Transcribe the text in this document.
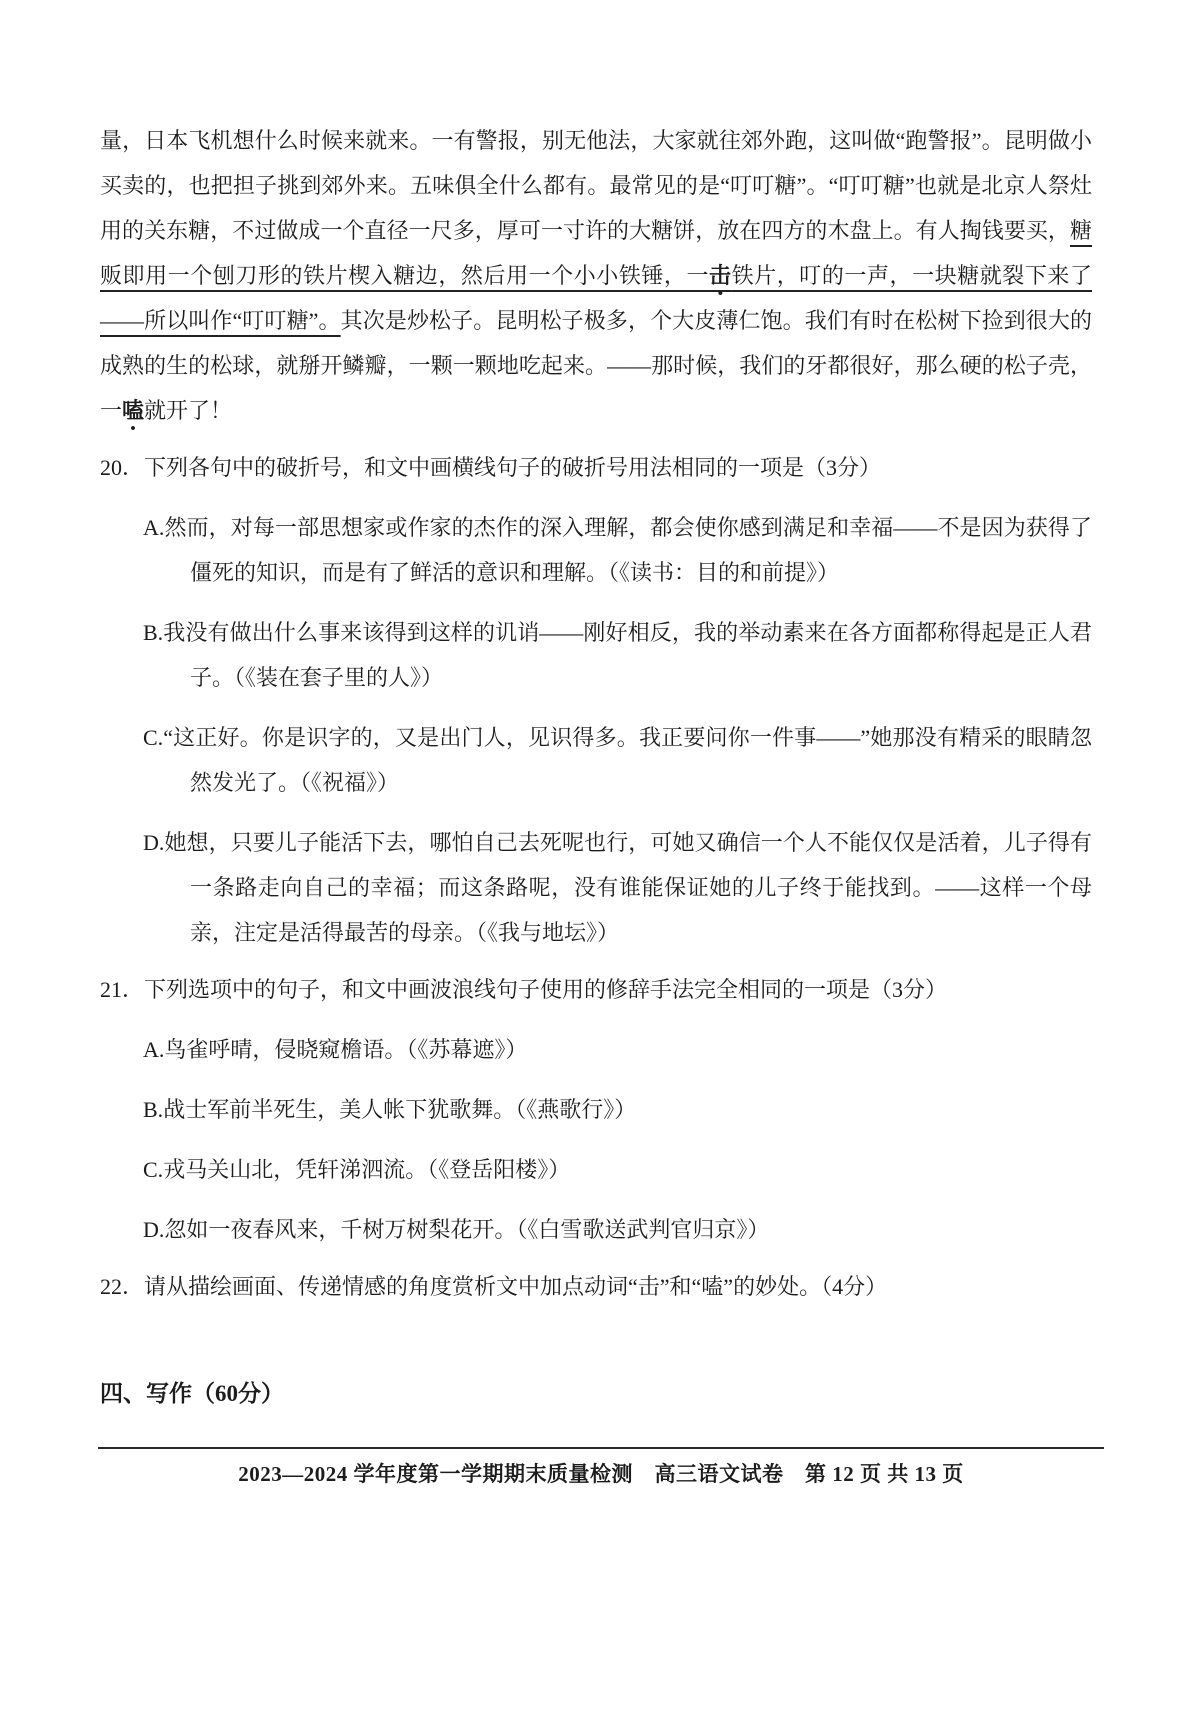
量，日本飞机想什么时候来就来。一有警报，别无他法，大家就往郊外跑，这叫做“跑警报”。昆明做小买卖的，也把担子挑到郊外来。五味俱全什么都有。最常见的是“叮叮糖”。“叮叮糖”也就是北京人祭灶用的关东糖，不过做成一个直径一尺多，厚可一寸许的大糖饼，放在四方的木盘上。有人掏钱要买，糖贩即用一个刨刀形的铁片楔入糖边，然后用一个小小铁锤，一击铁片，叮的一声，一块糖就裂下来了——所以叫作“叮叮糖”。其次是炒松子。昆明松子极多，个大皮薄仁饱。我们有时在松树下捡到很大的成熟的生的松球，就掰开鳞瓣，一颗一颗地吃起来。——那时候，我们的牙都很好，那么硬的松子壳，一嗑就开了！

20．下列各句中的破折号，和文中画横线句子的破折号用法相同的一项是（3分）

A.然而，对每一部思想家或作家的杰作的深入理解，都会使你感到满足和幸福——不是因为获得了僵死的知识，而是有了鲜活的意识和理解。（《读书：目的和前提》）

B.我没有做出什么事来该得到这样的讥诮——刚好相反，我的举动素来在各方面都称得起是正人君子。（《装在套子里的人》）

C.“这正好。你是识字的，又是出门人，见识得多。我正要问你一件事——”她那没有精采的眼睛忽然发光了。（《祝福》）

D.她想，只要儿子能活下去，哪怕自己去死呢也行，可她又确信一个人不能仅仅是活着，儿子得有一条路走向自己的幸福；而这条路呢，没有谁能保证她的儿子终于能找到。——这样一个母亲，注定是活得最苦的母亲。（《我与地坛》）

21．下列选项中的句子，和文中画波浪线句子使用的修辞手法完全相同的一项是（3分）

A.鸟雀呼晴，侵晓窥檐语。（《苏幕遮》）

B.战士军前半死生，美人帐下犹歌舞。（《燕歌行》）

C.戎马关山北，凭轩涕泗流。（《登岳阳楼》）

D.忽如一夜春风来，千树万树梨花开。（《白雪歌送武判官归京》）

22．请从描绘画面、传递情感的角度赏析文中加点动词“击”和“嗑”的妙处。（4分）

四、写作（60分）

2023—2024 学年度第一学期期末质量检测　高三语文试卷　第 12 页 共 13 页
